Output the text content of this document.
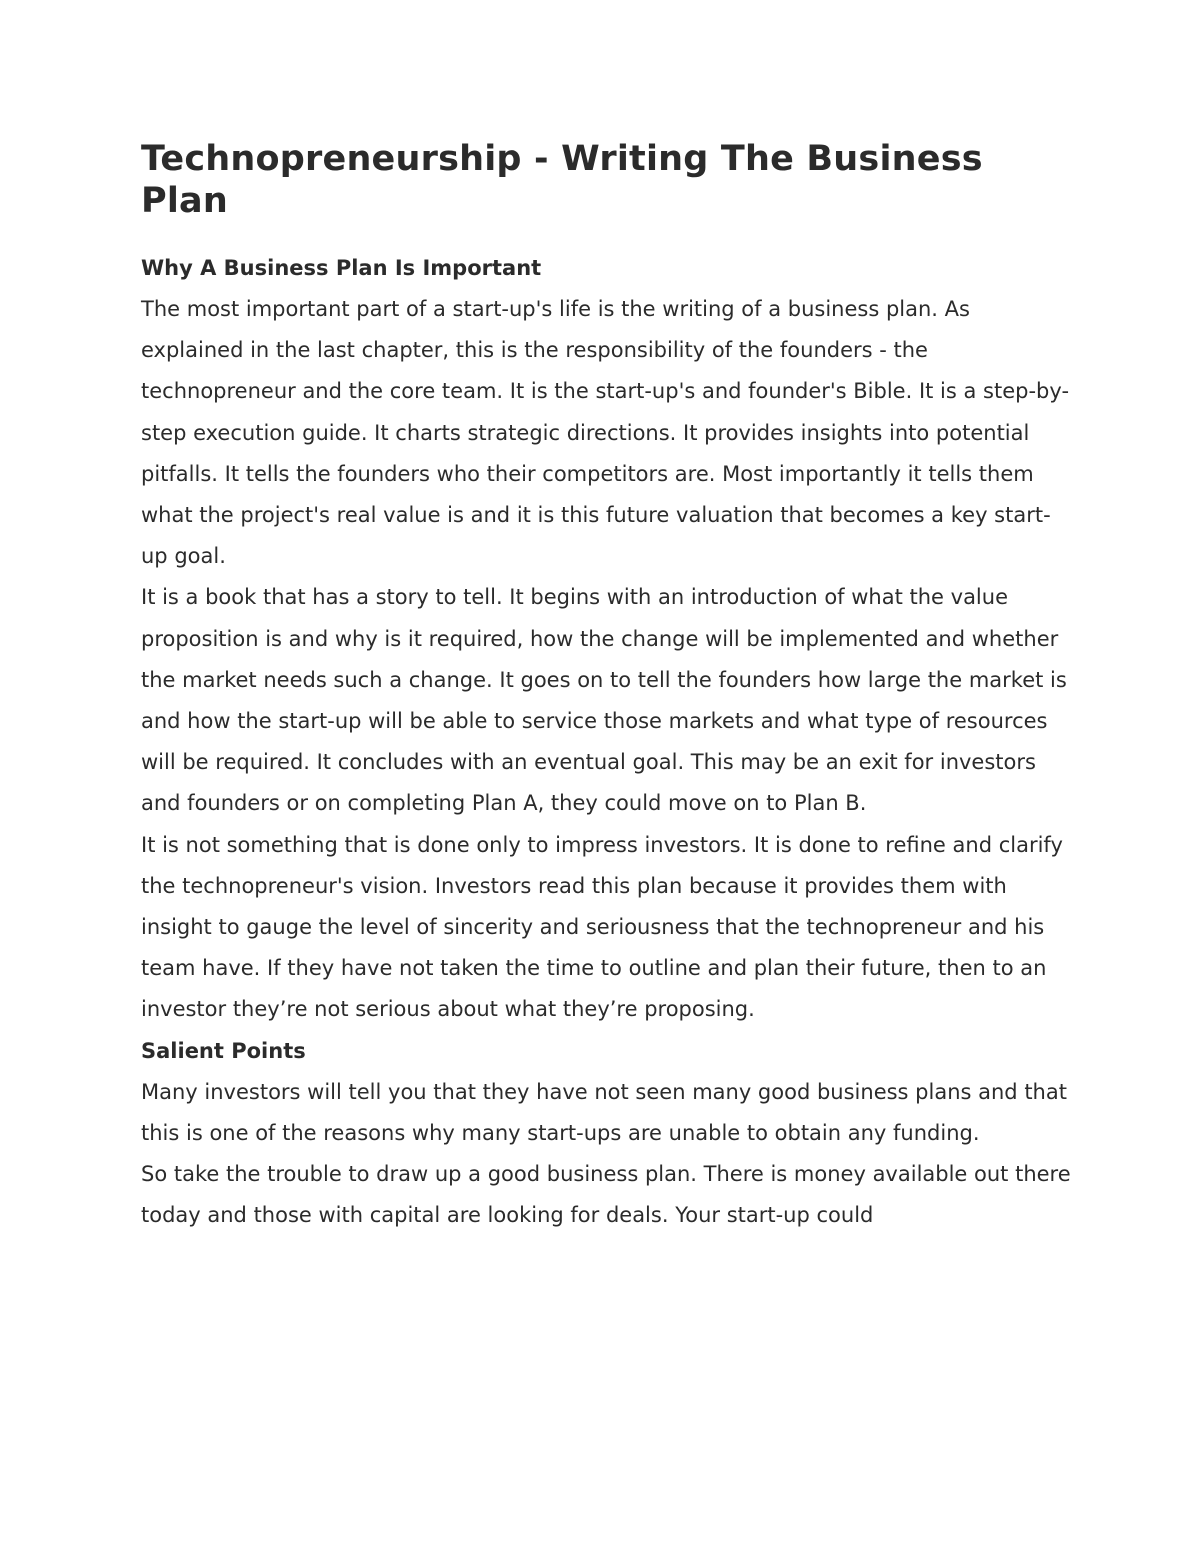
Technopreneurship - Writing The Business Plan
Why A Business Plan Is Important

The most important part of a start-up's life is the writing of a business plan. As explained in the last chapter, this is the responsibility of the founders - the technopreneur and the core team. It is the start-up's and founder's Bible. It is a step-by-step execution guide. It charts strategic directions. It provides insights into potential pitfalls. It tells the founders who their competitors are. Most importantly it tells them what the project's real value is and it is this future valuation that becomes a key start-up goal.

It is a book that has a story to tell. It begins with an introduction of what the value proposition is and why is it required, how the change will be implemented and whether the market needs such a change. It goes on to tell the founders how large the market is and how the start-up will be able to service those markets and what type of resources will be required. It concludes with an eventual goal. This may be an exit for investors and founders or on completing Plan A, they could move on to Plan B.

It is not something that is done only to impress investors. It is done to refine and clarify the technopreneur's vision. Investors read this plan because it provides them with insight to gauge the level of sincerity and seriousness that the technopreneur and his team have. If they have not taken the time to outline and plan their future, then to an investor they’re not serious about what they’re proposing.

Salient Points

Many investors will tell you that they have not seen many good business plans and that this is one of the reasons why many start-ups are unable to obtain any funding.

So take the trouble to draw up a good business plan. There is money available out there today and those with capital are looking for deals. Your start-up could
